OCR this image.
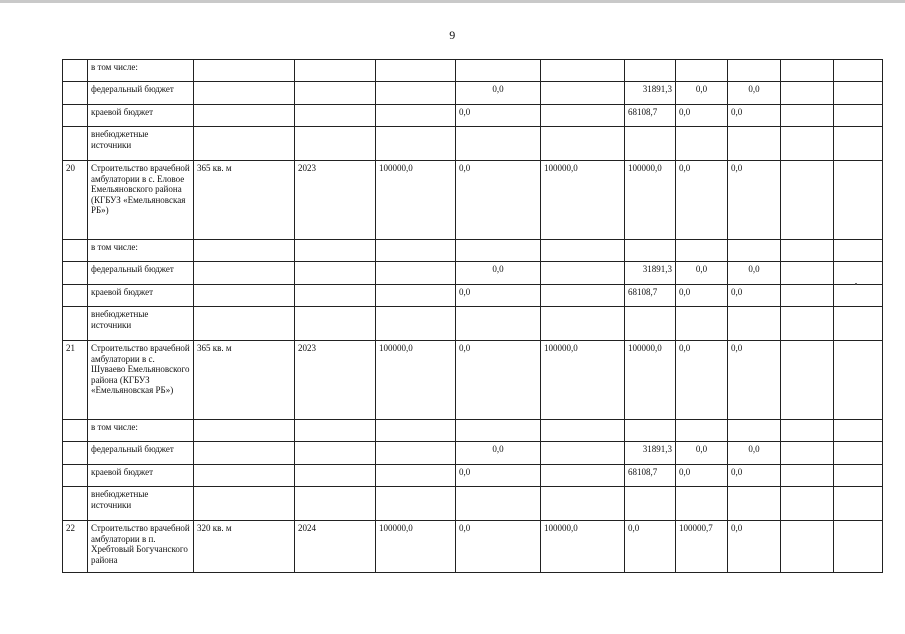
9
	в том числе:										
	федеральный бюджет				0,0		31891,3	0,0	0,0		
	краевой бюджет				0,0		68108,7	0,0	0,0		
	внебюджетные источники										
20	Строительство врачебной амбулатории в с. Еловое Емельяновского района (КГБУЗ «Емельяновская РБ»)	365 кв. м	2023	100000,0	0,0	100000,0	100000,0	0,0	0,0		
	в том числе:										
	федеральный бюджет				0,0		31891,3	0,0	0,0		
	краевой бюджет				0,0		68108,7	0,0	0,0		
	внебюджетные источники										
21	Строительство врачебной амбулатории в с. Шуваево Емельяновского района (КГБУЗ «Емельяновская РБ»)	365 кв. м	2023	100000,0	0,0	100000,0	100000,0	0,0	0,0		
	в том числе:										
	федеральный бюджет				0,0		31891,3	0,0	0,0		
	краевой бюджет				0,0		68108,7	0,0	0,0		
	внебюджетные источники										
22	Строительство врачебной амбулатории в п. Хребтовый Богучанского района	320 кв. м	2024	100000,0	0,0	100000,0	0,0	100000,7	0,0		
